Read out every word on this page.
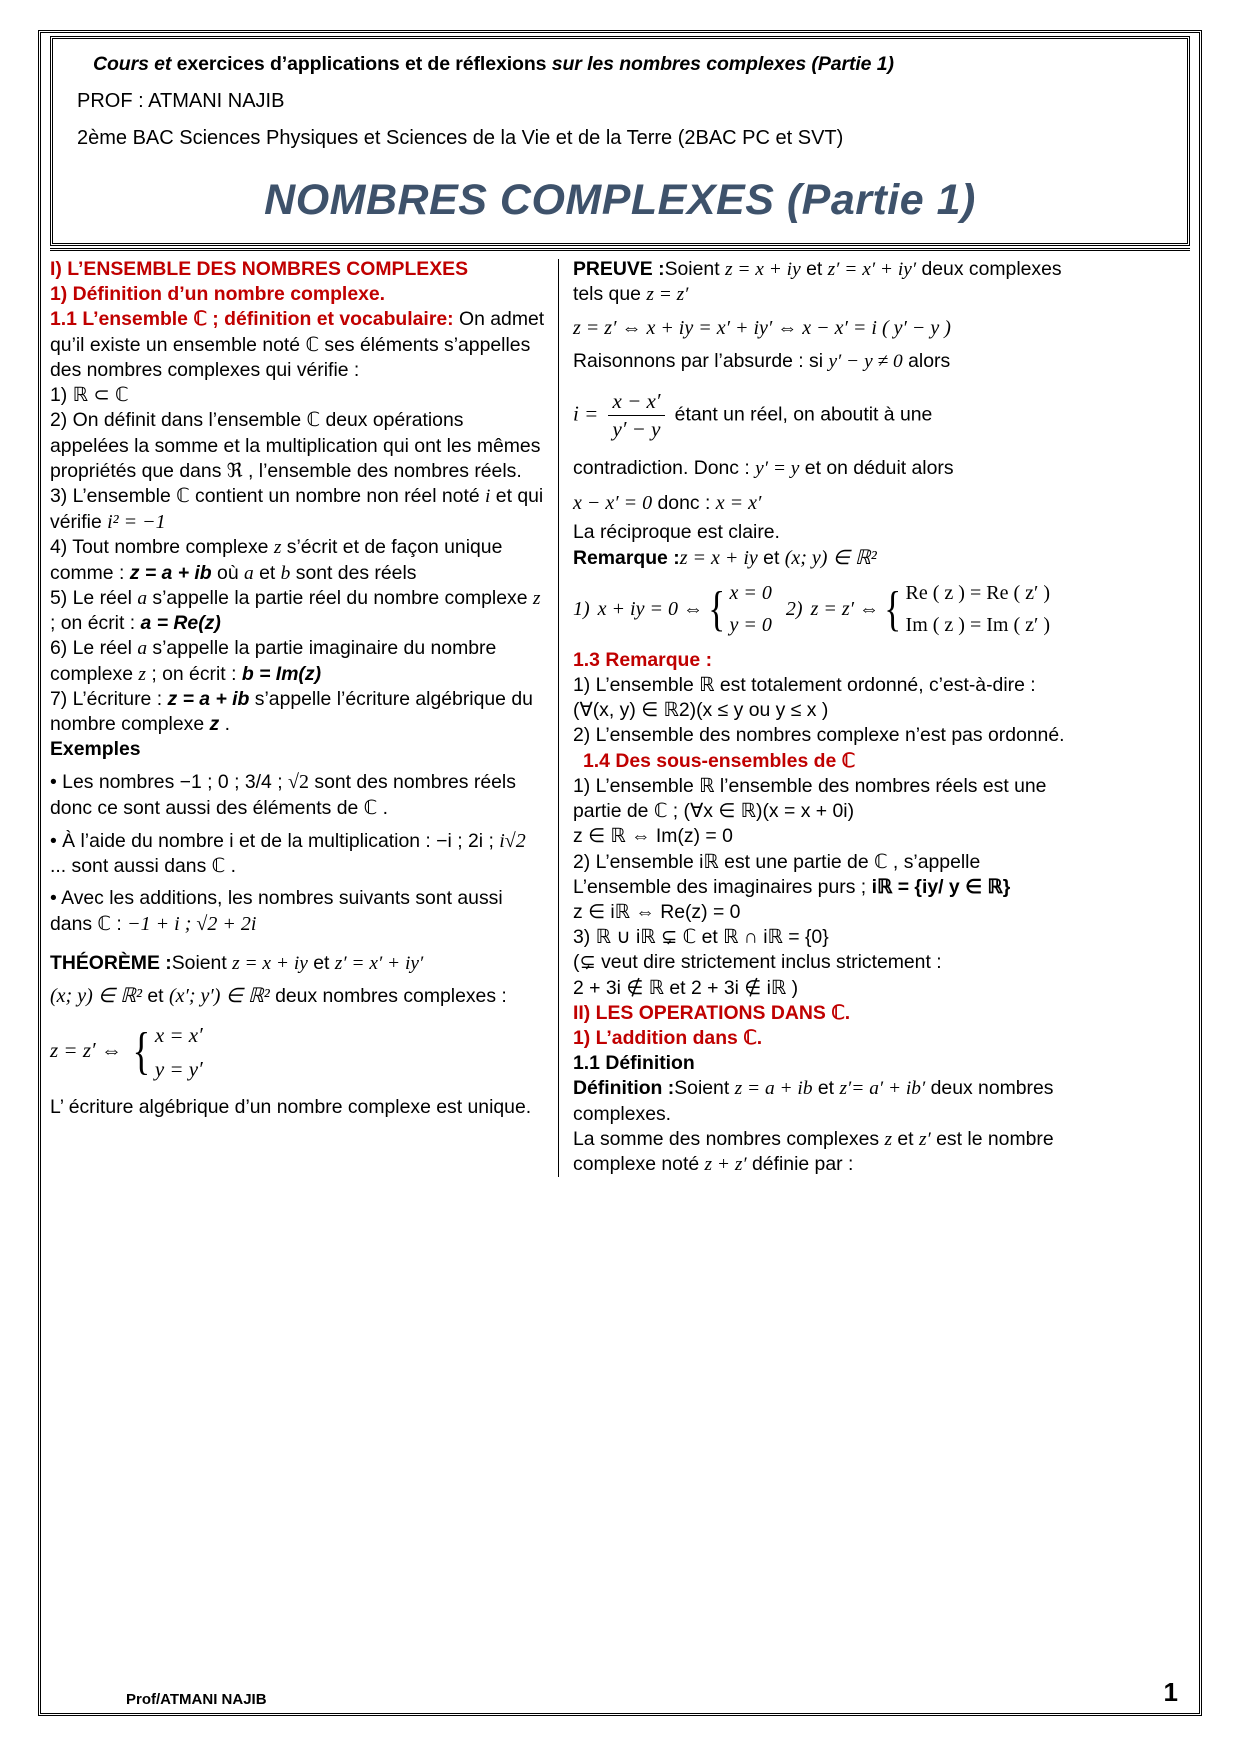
Cours et exercices d’applications et de réflexions sur les nombres complexes (Partie 1)
PROF : ATMANI NAJIB
2ème BAC Sciences Physiques et Sciences de la Vie et de la Terre (2BAC PC et SVT)
NOMBRES COMPLEXES (Partie 1)

I) L’ENSEMBLE DES NOMBRES COMPLEXES

1) Définition d’un nombre complexe.

1.1 L’ensemble ℂ ; définition et vocabulaire: On admet qu’il existe un ensemble noté ℂ ses éléments s’appelles des nombres complexes qui vérifie :

1) ℝ ⊂ ℂ

2) On définit dans l’ensemble ℂ deux opérations appelées la somme et la multiplication qui ont les mêmes propriétés que dans ℜ , l’ensemble des nombres réels.

3) L’ensemble ℂ contient un nombre non réel noté i et qui vérifie i² = −1

4) Tout nombre complexe z s’écrit et de façon unique comme : z = a + ib où a et b sont des réels

5) Le réel a s’appelle la partie réel du nombre complexe z ; on écrit : a = Re(z)

6) Le réel a s’appelle la partie imaginaire du nombre complexe z ; on écrit : b = Im(z)

7) L’écriture : z = a + ib s’appelle l’écriture algébrique du nombre complexe z .

Exemples

• Les nombres −1 ; 0 ; 3/4 ; √2 sont des nombres réels donc ce sont aussi des éléments de ℂ .

• À l’aide du nombre i et de la multiplication : −i ; 2i ; i√2 ... sont aussi dans ℂ .

• Avec les additions, les nombres suivants sont aussi dans ℂ : −1 + i ; √2 + 2i

THÉORÈME :Soient z = x + iy et z′ = x′ + iy′

(x; y) ∈ ℝ² et (x′; y′) ∈ ℝ² deux nombres complexes :

z = z′ ⇔ { x = x′
y = y′

L’ écriture algébrique d’un nombre complexe est unique.

PREUVE :Soient z = x + iy et z′ = x′ + iy′ deux complexes tels que z = z′

z = z′ ⇔ x + iy = x′ + iy′ ⇔ x − x′ = i ( y′ − y )

Raisonnons par l’absurde : si y′ − y ≠ 0 alors

$i = \frac{x - x'}{y' - y}$ étant un réel, on aboutit à une

contradiction. Donc : y′ = y et on déduit alors

x − x′ = 0 donc : x = x′

La réciproque est claire.

Remarque :z = x + iy et (x; y) ∈ ℝ²

1) x + iy = 0 ⇔ { x = 0
y = 0
2) z = z′ ⇔ { Re ( z ) = Re ( z′ )
Im ( z ) = Im ( z′ )

1.3 Remarque :

1) L’ensemble ℝ est totalement ordonné, c’est-à-dire : (∀(x, y) ∈ ℝ2)(x ≤ y ou y ≤ x )

2) L’ensemble des nombres complexe n’est pas ordonné.

1.4 Des sous-ensembles de ℂ

1) L’ensemble ℝ l’ensemble des nombres réels est une partie de ℂ ; (∀x ∈ ℝ)(x = x + 0i)

z ∈ ℝ ⇔ Im(z) = 0

2) L’ensemble iℝ est une partie de ℂ , s’appelle L’ensemble des imaginaires purs ; iℝ = {iy/ y ∈ ℝ}

z ∈ iℝ ⇔ Re(z) = 0

3) ℝ ∪ iℝ ⊊ ℂ et ℝ ∩ iℝ = {0}

(⊊ veut dire strictement inclus strictement :

2 + 3i ∉ ℝ et 2 + 3i ∉ iℝ )

II) LES OPERATIONS DANS ℂ.

1) L’addition dans ℂ.

1.1 Définition

Définition :Soient z = a + ib et z′= a′ + ib′ deux nombres complexes.

La somme des nombres complexes z et z′ est le nombre complexe noté z + z′ définie par :

Prof/ATMANI NAJIB	1
